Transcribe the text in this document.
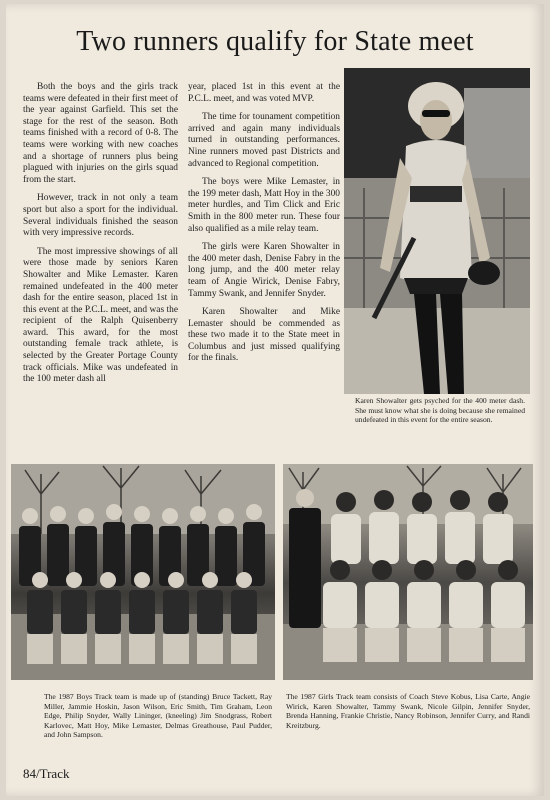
Two runners qualify for State meet

Both the boys and the girls track teams were defeated in their first meet of the year against Garfield. This set the stage for the rest of the season. Both teams finished with a record of 0-8. The teams were working with new coaches and a shortage of runners plus being plagued with injuries on the girls squad from the start.

However, track in not only a team sport but also a sport for the individual. Several individuals finished the season with very impressive records.

The most impressive showings of all were those made by seniors Karen Showalter and Mike Lemaster. Karen remained undefeated in the 400 meter dash for the entire season, placed 1st in this event at the P.C.L. meet, and was the recipient of the Ralph Quisenberry award. This award, for the most outstanding female track athlete, is selected by the Greater Portage County track officials. Mike was undefeated in the 100 meter dash all

year, placed 1st in this event at the P.C.L. meet, and was voted MVP.

The time for tounament competition arrived and again many individuals turned in outstanding performances. Nine runners moved past Districts and advanced to Regional competition.

The boys were Mike Lemaster, in the 199 meter dash, Matt Hoy in the 300 meter hurdles, and Tim Click and Eric Smith in the 800 meter run. These four also qualified as a mile relay team.

The girls were Karen Showalter in the 400 meter dash, Denise Fabry in the long jump, and the 400 meter relay team of Angie Wirick, Denise Fabry, Tammy Swank, and Jennifer Snyder.

Karen Showalter and Mike Lemaster should be commended as these two made it to the State meet in Columbus and just missed qualifying for the finals.

Karen Showalter gets psyched for the 400 meter dash. She must know what she is doing because she remained undefeated in this event for the entire season.
The 1987 Boys Track team is made up of (standing) Bruce Tackett, Ray Miller, Jammie Hoskin, Jason Wilson, Eric Smith, Tim Graham, Leon Edge, Philip Snyder, Wally Lininger, (kneeling) Jim Snodgrass, Robert Karlovec, Matt Hoy, Mike Lemaster, Delmas Greathouse, Paul Pudder, and John Sampson.
The 1987 Girls Track team consists of Coach Steve Kobus, Lisa Carte, Angie Wirick, Karen Showalter, Tammy Swank, Nicole Gilpin, Jennifer Snyder, Brenda Hanning, Frankie Christie, Nancy Robinson, Jennifer Curry, and Randi Kreitzburg.
84/Track
